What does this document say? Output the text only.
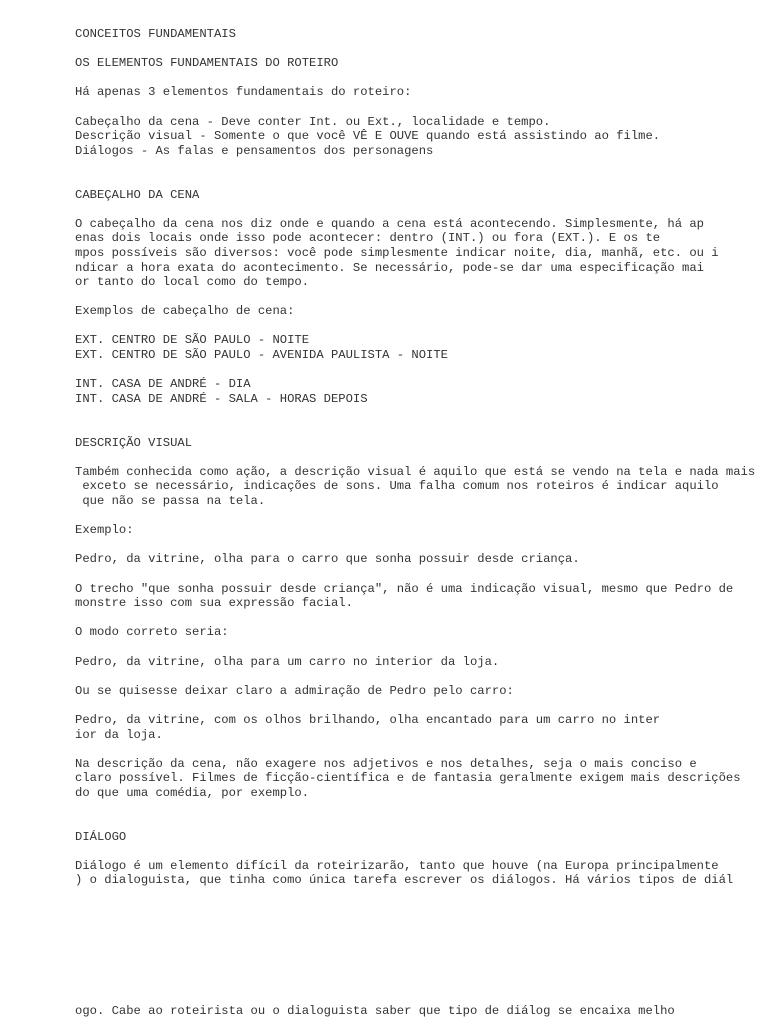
CONCEITOS FUNDAMENTAIS
OS ELEMENTOS FUNDAMENTAIS DO ROTEIRO
Há apenas 3 elementos fundamentais do roteiro:
Cabeçalho da cena - Deve conter Int. ou Ext., localidade e tempo.
Descrição visual - Somente o que você VÊ E OUVE quando está assistindo ao filme.
Diálogos - As falas e pensamentos dos personagens
CABEÇALHO DA CENA
O cabeçalho da cena nos diz onde e quando a cena está acontecendo. Simplesmente, há ap
enas dois locais onde isso pode acontecer: dentro (INT.) ou fora (EXT.). E os te
mpos possíveis são diversos: você pode simplesmente indicar noite, dia, manhã, etc. ou i
ndicar a hora exata do acontecimento. Se necessário, pode-se dar uma especificação mai
or tanto do local como do tempo.
Exemplos de cabeçalho de cena:
EXT. CENTRO DE SÃO PAULO - NOITE
EXT. CENTRO DE SÃO PAULO - AVENIDA PAULISTA - NOITE
INT. CASA DE ANDRÉ - DIA
INT. CASA DE ANDRÉ - SALA - HORAS DEPOIS
DESCRIÇÃO VISUAL
Também conhecida como ação, a descrição visual é aquilo que está se vendo na tela e nada mais
exceto se necessário, indicações de sons. Uma falha comum nos roteiros é indicar aquilo
que não se passa na tela.
Exemplo:
Pedro, da vitrine, olha para o carro que sonha possuir desde criança.
O trecho "que sonha possuir desde criança", não é uma indicação visual, mesmo que Pedro de
monstre isso com sua expressão facial.
O modo correto seria:
Pedro, da vitrine, olha para um carro no interior da loja.
Ou se quisesse deixar claro a admiração de Pedro pelo carro:
Pedro, da vitrine, com os olhos brilhando, olha encantado para um carro no inter
ior da loja.
Na descrição da cena, não exagere nos adjetivos e nos detalhes, seja o mais conciso e
claro possível. Filmes de ficção-científica e de fantasia geralmente exigem mais descrições
do que uma comédia, por exemplo.
DIÁLOGO
Diálogo é um elemento difícil da roteirizarão, tanto que houve (na Europa principalmente
) o dialoguista, que tinha como única tarefa escrever os diálogos. Há vários tipos de diál
ogo. Cabe ao roteirista ou o dialoguista saber que tipo de diálog se encaixa melho
